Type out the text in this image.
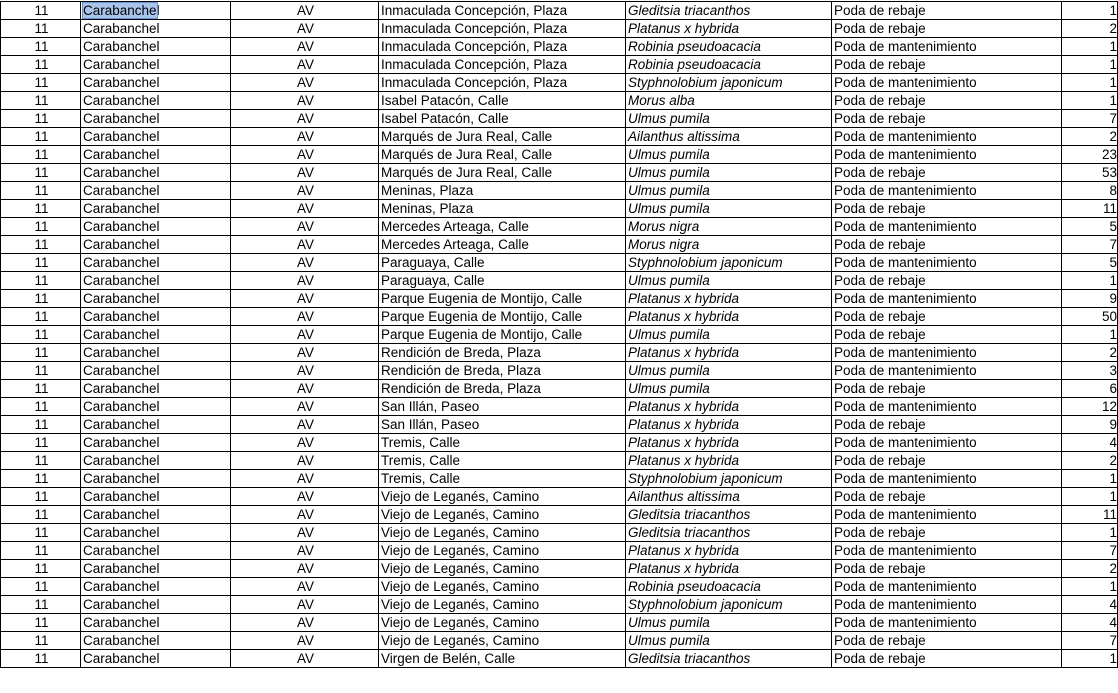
11	Carabanchel	AV	Inmaculada Concepción, Plaza	Gleditsia triacanthos	Poda de rebaje	1
11	Carabanchel	AV	Inmaculada Concepción, Plaza	Platanus x hybrida	Poda de rebaje	2
11	Carabanchel	AV	Inmaculada Concepción, Plaza	Robinia pseudoacacia	Poda de mantenimiento	1
11	Carabanchel	AV	Inmaculada Concepción, Plaza	Robinia pseudoacacia	Poda de rebaje	1
11	Carabanchel	AV	Inmaculada Concepción, Plaza	Styphnolobium japonicum	Poda de mantenimiento	1
11	Carabanchel	AV	Isabel Patacón, Calle	Morus alba	Poda de rebaje	1
11	Carabanchel	AV	Isabel Patacón, Calle	Ulmus pumila	Poda de rebaje	7
11	Carabanchel	AV	Marqués de Jura Real, Calle	Ailanthus altissima	Poda de mantenimiento	2
11	Carabanchel	AV	Marqués de Jura Real, Calle	Ulmus pumila	Poda de mantenimiento	23
11	Carabanchel	AV	Marqués de Jura Real, Calle	Ulmus pumila	Poda de rebaje	53
11	Carabanchel	AV	Meninas, Plaza	Ulmus pumila	Poda de mantenimiento	8
11	Carabanchel	AV	Meninas, Plaza	Ulmus pumila	Poda de rebaje	11
11	Carabanchel	AV	Mercedes Arteaga, Calle	Morus nigra	Poda de mantenimiento	5
11	Carabanchel	AV	Mercedes Arteaga, Calle	Morus nigra	Poda de rebaje	7
11	Carabanchel	AV	Paraguaya, Calle	Styphnolobium japonicum	Poda de mantenimiento	5
11	Carabanchel	AV	Paraguaya, Calle	Ulmus pumila	Poda de rebaje	1
11	Carabanchel	AV	Parque Eugenia de Montijo, Calle	Platanus x hybrida	Poda de mantenimiento	9
11	Carabanchel	AV	Parque Eugenia de Montijo, Calle	Platanus x hybrida	Poda de rebaje	50
11	Carabanchel	AV	Parque Eugenia de Montijo, Calle	Ulmus pumila	Poda de rebaje	1
11	Carabanchel	AV	Rendición de Breda, Plaza	Platanus x hybrida	Poda de mantenimiento	2
11	Carabanchel	AV	Rendición de Breda, Plaza	Ulmus pumila	Poda de mantenimiento	3
11	Carabanchel	AV	Rendición de Breda, Plaza	Ulmus pumila	Poda de rebaje	6
11	Carabanchel	AV	San Illán, Paseo	Platanus x hybrida	Poda de mantenimiento	12
11	Carabanchel	AV	San Illán, Paseo	Platanus x hybrida	Poda de rebaje	9
11	Carabanchel	AV	Tremis, Calle	Platanus x hybrida	Poda de mantenimiento	4
11	Carabanchel	AV	Tremis, Calle	Platanus x hybrida	Poda de rebaje	2
11	Carabanchel	AV	Tremis, Calle	Styphnolobium japonicum	Poda de mantenimiento	1
11	Carabanchel	AV	Viejo de Leganés, Camino	Ailanthus altissima	Poda de rebaje	1
11	Carabanchel	AV	Viejo de Leganés, Camino	Gleditsia triacanthos	Poda de mantenimiento	11
11	Carabanchel	AV	Viejo de Leganés, Camino	Gleditsia triacanthos	Poda de rebaje	1
11	Carabanchel	AV	Viejo de Leganés, Camino	Platanus x hybrida	Poda de mantenimiento	7
11	Carabanchel	AV	Viejo de Leganés, Camino	Platanus x hybrida	Poda de rebaje	2
11	Carabanchel	AV	Viejo de Leganés, Camino	Robinia pseudoacacia	Poda de mantenimiento	1
11	Carabanchel	AV	Viejo de Leganés, Camino	Styphnolobium japonicum	Poda de mantenimiento	4
11	Carabanchel	AV	Viejo de Leganés, Camino	Ulmus pumila	Poda de mantenimiento	4
11	Carabanchel	AV	Viejo de Leganés, Camino	Ulmus pumila	Poda de rebaje	7
11	Carabanchel	AV	Virgen de Belén, Calle	Gleditsia triacanthos	Poda de rebaje	1
